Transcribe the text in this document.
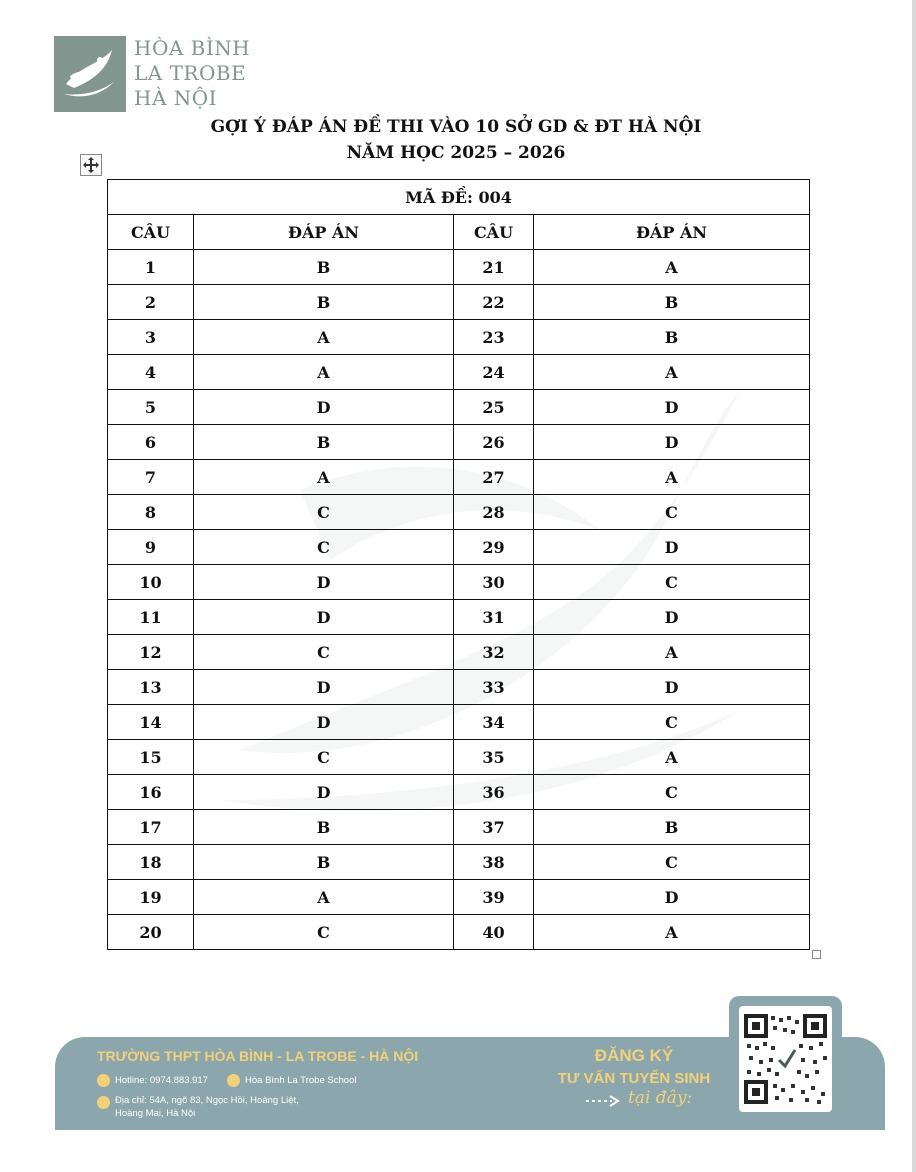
HÒA BÌNH
LA TROBE
HÀ NỘI
GỢI Ý ĐÁP ÁN ĐỀ THI VÀO 10 SỞ GD & ĐT HÀ NỘI
NĂM HỌC 2025 – 2026
MÃ ĐỀ: 004			
CÂU	ĐÁP ÁN	CÂU	ĐÁP ÁN
1	B	21	A
2	B	22	B
3	A	23	B
4	A	24	A
5	D	25	D
6	B	26	D
7	A	27	A
8	C	28	C
9	C	29	D
10	D	30	C
11	D	31	D
12	C	32	A
13	D	33	D
14	D	34	C
15	C	35	A
16	D	36	C
17	B	37	B
18	B	38	C
19	A	39	D
20	C	40	A
TRƯỜNG THPT HÒA BÌNH - LA TROBE - HÀ NỘI
Hotline: 0974.883.917	Hòa Bình La Trobe School
Địa chỉ: 54A, ngõ 83, Ngọc Hồi, Hoàng Liệt,
Hoàng Mai, Hà Nội
ĐĂNG KÝ
TƯ VẤN TUYỂN SINH
tại đây:
